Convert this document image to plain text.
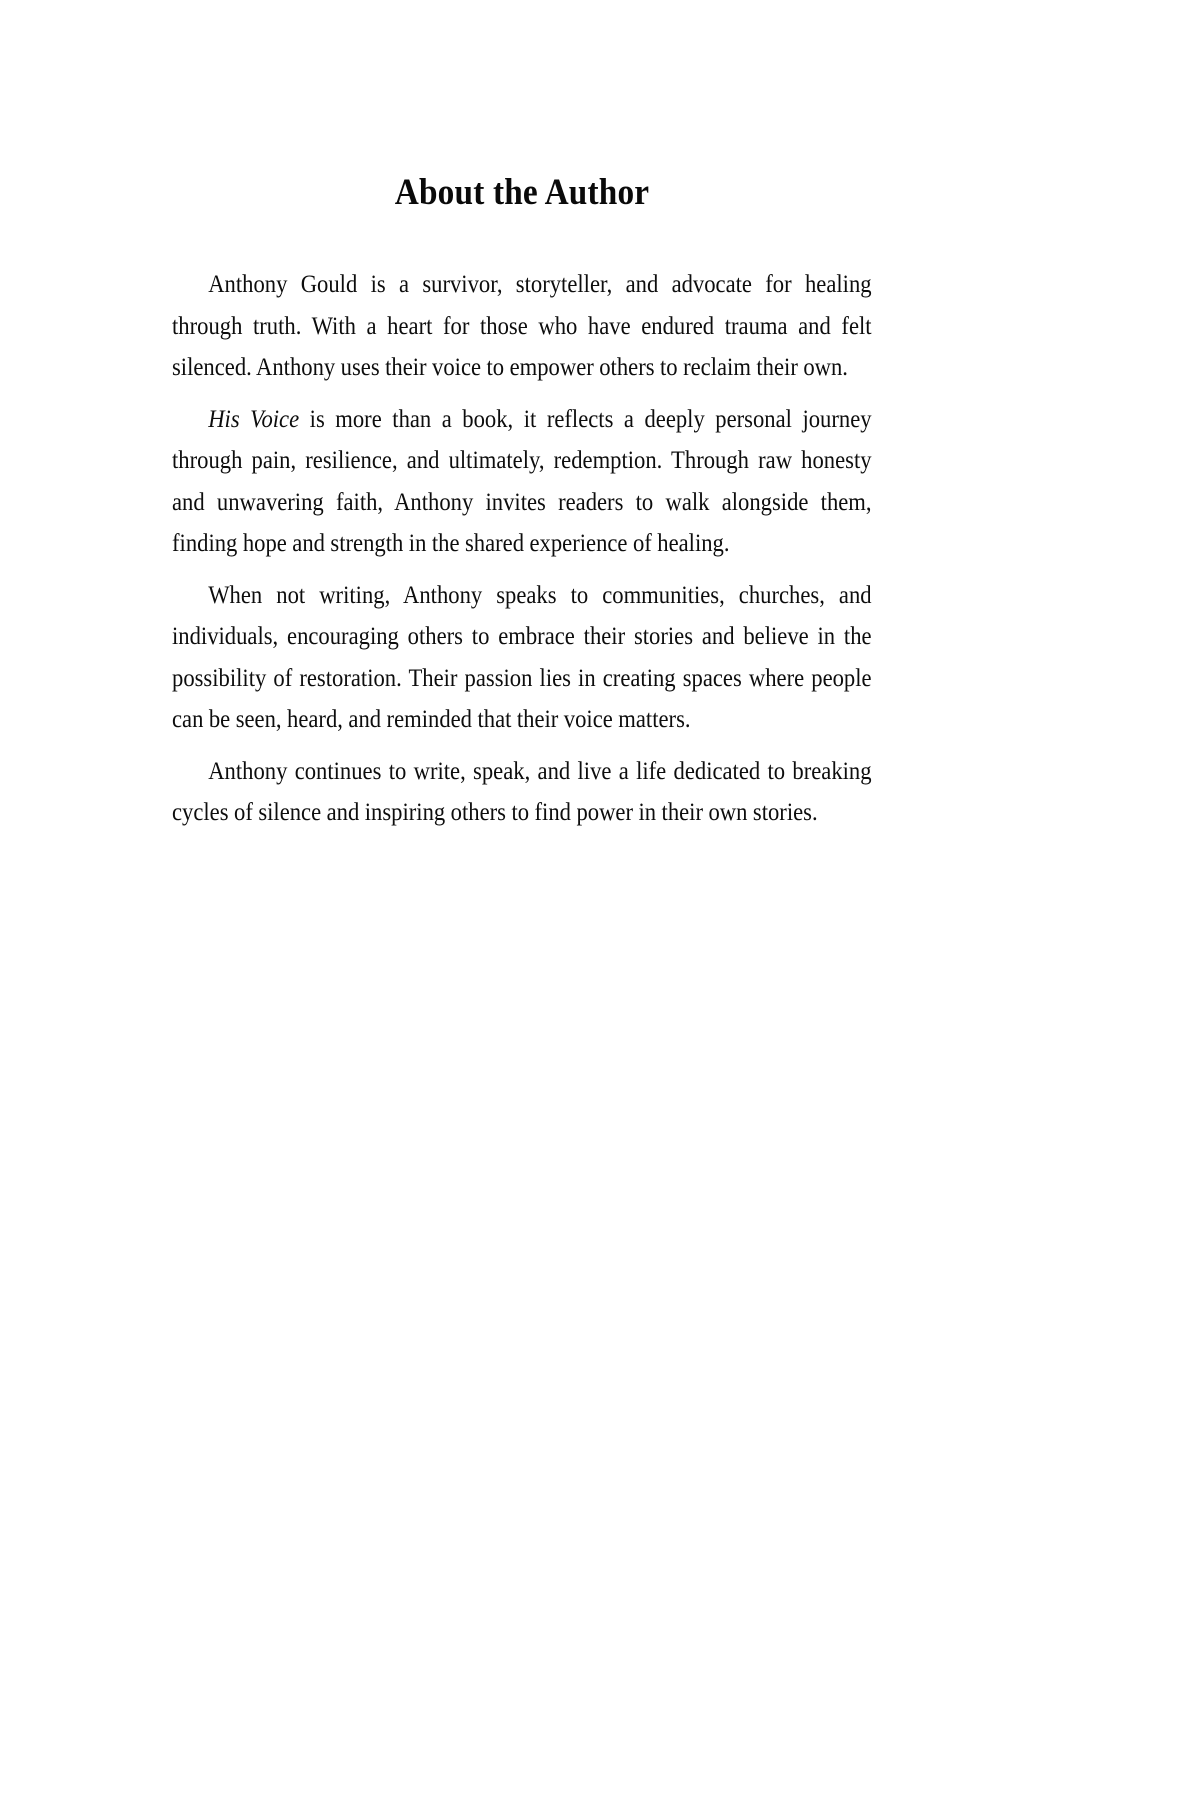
About the Author

Anthony Gould is a survivor, storyteller, and advocate for healing through truth. With a heart for those who have endured trauma and felt silenced. Anthony uses their voice to empower others to reclaim their own.

His Voice is more than a book, it reflects a deeply personal journey through pain, resilience, and ultimately, redemption. Through raw honesty and unwavering faith, Anthony invites readers to walk alongside them, finding hope and strength in the shared experience of healing.

When not writing, Anthony speaks to communities, churches, and individuals, encouraging others to embrace their stories and believe in the possibility of restoration. Their passion lies in creating spaces where people can be seen, heard, and reminded that their voice matters.

Anthony continues to write, speak, and live a life dedicated to breaking cycles of silence and inspiring others to find power in their own stories.
